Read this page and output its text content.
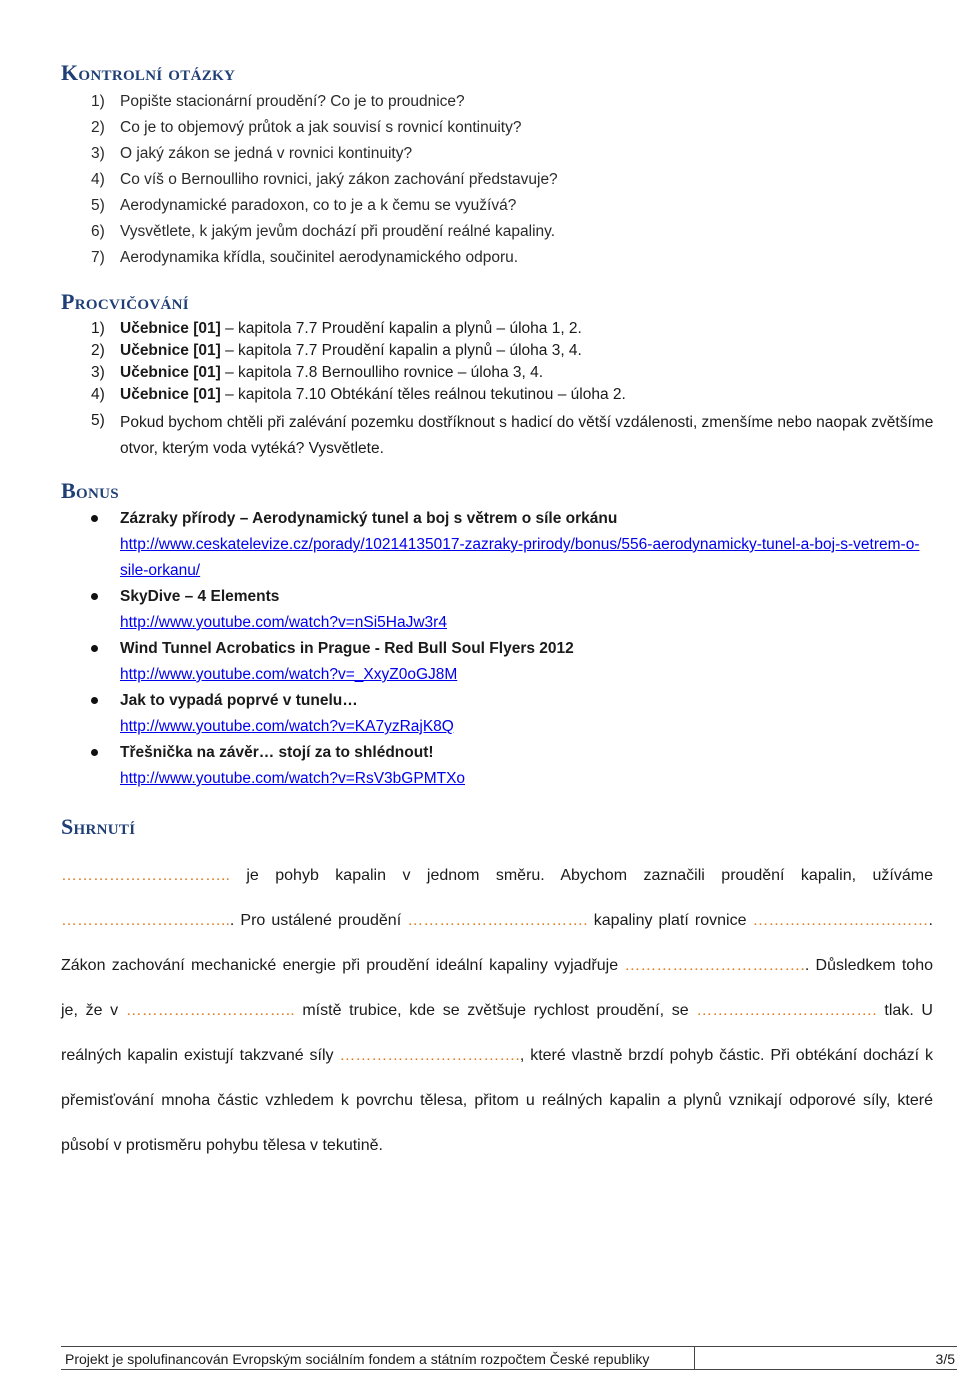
Kontrolní otázky
1) Popište stacionární proudění? Co je to proudnice?
2) Co je to objemový průtok a jak souvisí s rovnicí kontinuity?
3) O jaký zákon se jedná v rovnici kontinuity?
4) Co víš o Bernoulliho rovnici, jaký zákon zachování představuje?
5) Aerodynamické paradoxon, co to je a k čemu se využívá?
6) Vysvětlete, k jakým jevům dochází při proudění reálné kapaliny.
7) Aerodynamika křídla, součinitel aerodynamického odporu.
Procvičování
1) Učebnice [01] – kapitola 7.7 Proudění kapalin a plynů – úloha 1, 2.
2) Učebnice [01] – kapitola 7.7 Proudění kapalin a plynů – úloha 3, 4.
3) Učebnice [01] – kapitola 7.8 Bernoulliho rovnice – úloha 3, 4.
4) Učebnice [01] – kapitola 7.10 Obtékání těles reálnou tekutinou – úloha 2.
5) Pokud bychom chtěli při zalévání pozemku dostříknout s hadicí do větší vzdálenosti, zmenšíme nebo naopak zvětšíme otvor, kterým voda vytéká? Vysvětlete.
Bonus
Zázraky přírody – Aerodynamický tunel a boj s větrem o síle orkánu
http://www.ceskatelevize.cz/porady/10214135017-zazraky-prirody/bonus/556-aerodynamicky-tunel-a-boj-s-vetrem-o-sile-orkanu/
SkyDive – 4 Elements
http://www.youtube.com/watch?v=nSi5HaJw3r4
Wind Tunnel Acrobatics in Prague - Red Bull Soul Flyers 2012
http://www.youtube.com/watch?v=_XxyZ0oGJ8M
Jak to vypadá poprvé v tunelu…
http://www.youtube.com/watch?v=KA7yzRajK8Q
Třešnička na závěr… stojí za to shlédnout!
http://www.youtube.com/watch?v=RsV3bGPMTXo
Shrnutí

………………………….. je pohyb kapalin v jednom směru. Abychom zaznačili proudění kapalin, užíváme …………………………... Pro ustálené proudění ……………………………. kapaliny platí rovnice ……………………………. Zákon zachování mechanické energie při proudění ideální kapaliny vyjadřuje …………………………….. Důsledkem toho je, že v ………………………….. místě trubice, kde se zvětšuje rychlost proudění, se ……………………………. tlak. U reálných kapalin existují takzvané síly ……………………………., které vlastně brzdí pohyb částic. Při obtékání dochází k přemisťování mnoha částic vzhledem k povrchu tělesa, přitom u reálných kapalin a plynů vznikají odporové síly, které působí v protisměru pohybu tělesa v tekutině.

Projekt je spolufinancován Evropským sociálním fondem a státním rozpočtem České republiky	3/5
